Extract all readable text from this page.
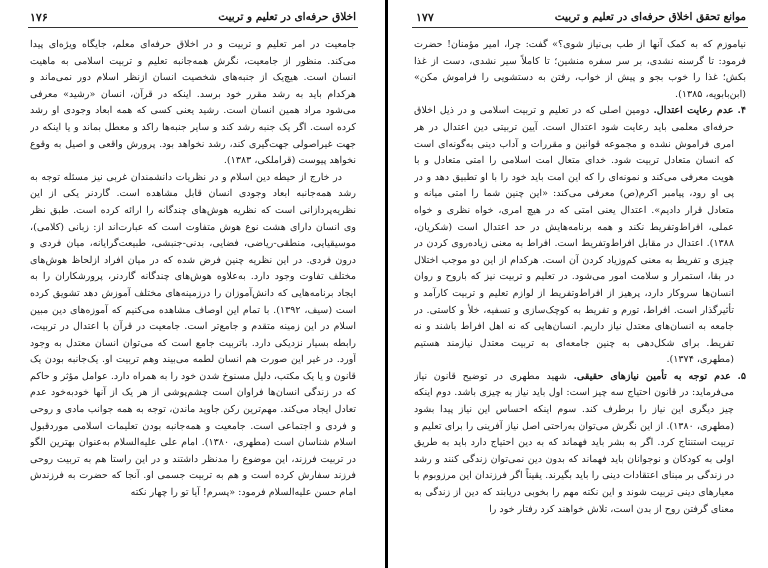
۱۷۶	اخلاق حرفه‌ای در تعلیم و تربیت

جامعیت در امر تعلیم و تربیت و در اخلاق حرفه‌ای معلم، جایگاه ویژه‌ای پیدا می‌کند. منظور از جامعیت، نگرش همه‌جانبه تعلیم و تربیت اسلامی به ماهیت انسان است. هیچ‌یک از جنبه‌های شخصیت انسان ازنظر اسلام دور نمی‌ماند و هرکدام باید به رشد مقرر خود برسد. اینکه در قرآن، انسان «رشید» معرفی می‌شود مراد همین انسان است. رشید یعنی کسی که همه ابعاد وجودی او رشد کرده است. اگر یک جنبه رشد کند و سایر جنبه‌ها راکد و معطل بماند و یا اینکه در جهت غیراصولی جهت‌گیری کند، رشد نخواهد بود. پرورش واقعی و اصیل به وقوع نخواهد پیوست (قراملکی، ۱۳۸۳).

در خارج از حیطه دین اسلام و در نظریات دانشمندان غربی نیز مسئله توجه به رشد همه‌جانبه ابعاد وجودی انسان قابل مشاهده است. گاردنر یکی از این نظریه‌پردازانی است که نظریه هوش‌های چندگانه را ارائه کرده است. طبق نظر وی انسان دارای هشت نوع هوش متفاوت است که عبارت‌اند از: زبانی (کلامی)، موسیقیایی، منطقی-ریاضی، فضایی، بدنی-جنبشی، طبیعت‌گرایانه، میان فردی و درون فردی. در این نظریه چنین فرض شده که در میان افراد ازلحاظ هوش‌های مختلف تفاوت وجود دارد. به‌علاوه هوش‌های چندگانه گاردنر، پرورشکاران را به ایجاد برنامه‌هایی که دانش‌آموزان را درزمینه‌های مختلف آموزش دهد تشویق کرده است (سیف، ۱۳۹۲). با تمام این اوصاف مشاهده می‌کنیم که آموزه‌های دین مبین اسلام در این زمینه متقدم و جامع‌تر است. جامعیت در قرآن با اعتدال در تربیت، رابطه بسیار نزدیکی دارد. باتربیت جامع است که می‌توان انسان معتدل به وجود آورد. در غیر این صورت هم انسان لطمه می‌بیند وهم تربیت او. یک‌جانبه بودن یک قانون و یا یک مکتب، دلیل مسنوخ شدن خود را به همراه دارد. عوامل مؤثر و حاکم که در زندگی انسان‌ها فراوان است چشم‌پوشی از هر یک از آنها خودبه‌خود عدم تعادل ایجاد می‌کند. مهم‌ترین رکن جاوید ماندن، توجه به همه جوانب مادی و روحی و فردی و اجتماعی است. جامعیت و همه‌جانبه بودن تعلیمات اسلامی موردقبول اسلام شناسان است (مطهری، ۱۳۸۰). امام علی علیه‌السلام به‌عنوان بهترین الگو در تربیت فرزند، این موضوع را مدنظر داشتند و در این راستا هم به تربیت روحی فرزند سفارش کرده است و هم به تربیت جسمی او. آنجا که حضرت به فرزندش امام حسن علیه‌السلام فرمود: «پسرم! آیا تو را چهار نکته

موانع تحقق اخلاق حرفه‌ای در تعلیم و تربیت
۱۷۷

نیاموزم که به کمک آنها از طب بی‌نیاز شوی؟» گفت: چرا، امیر مؤمنان! حضرت فرمود: تا گرسنه نشدی، بر سر سفره منشین؛ تا کاملاً سیر نشدی، دست از غذا بکش؛ غذا را خوب بجو و پیش از خواب، رفتن به دستشویی را فراموش مکن» (ابن‌بابویه، ۱۳۸۵).

۴. عدم رعایت اعتدال. دومین اصلی که در تعلیم و تربیت اسلامی و در ذیل اخلاق حرفه‌ای معلمی باید رعایت شود اعتدال است. آیین تربیتی دین اعتدال در هر امری فراموش نشده و مجموعه قوانین و مقررات و آداب دینی به‌گونه‌ای است که انسان متعادل تربیت شود. خدای متعال امت اسلامی را امتی متعادل و با هویت معرفی می‌کند و نمونه‌ای را که این امت باید خود را با او تطبیق دهد و در پی او رود، پیامبر اکرم(ص) معرفی می‌کند: «این چنین شما را امتی میانه و متعادل قرار دادیم». اعتدال یعنی امتی که در هیچ امری، خواه نظری و خواه عملی، افراط‌وتفریط نکند و همه برنامه‌هایش در حد اعتدال است (شکریان، ۱۳۸۸). اعتدال در مقابل افراط‌وتفریط است. افراط به معنی زیاده‌روی کردن در چیزی و تفریط به معنی کم‌وزیاد کردن آن است. هرکدام از این دو موجب اختلال در بقا، استمرار و سلامت امور می‌شود. در تعلیم و تربیت نیز که باروح و روان انسان‌ها سروکار دارد، پرهیز از افراط‌وتفریط از لوازم تعلیم و تربیت کارآمد و تأثیرگذار است. افراط، تورم و تفریط به کوچک‌سازی و تسفیه، خلأ و کاستی. در جامعه به انسان‌های معتدل نیاز داریم. انسان‌هایی که نه اهل افراط باشند و نه تفریط. برای شکل‌دهی به چنین جامعه‌ای به تربیت معتدل نیازمند هستیم (مطهری، ۱۳۷۴).

۵. عدم توجه به تأمین نیازهای حقیقی. شهید مطهری در توضیح قانون نیاز می‌فرماید: در قانون احتیاج سه چیز است: اول باید نیاز به چیزی باشد. دوم اینکه چیز دیگری این نیاز را برطرف کند. سوم اینکه احساس این نیاز پیدا بشود (مطهری، ۱۳۸۰). از این نگرش می‌توان به‌راحتی اصل نیاز آفرینی را برای تعلیم و تربیت استنتاج کرد. اگر به بشر باید فهماند که به دین احتیاج دارد باید به طریق اولی به کودکان و نوجوانان باید فهماند که بدون دین نمی‌توان زندگی کنند و رشد در زندگی بر مبنای اعتقادات دینی را باید بگیرند. یقیناً اگر فرزندان این مرزوبوم با معیارهای دینی تربیت شوند و این نکته مهم را بخوبی دریابند که دین از زندگی به معنای گرفتن روح از بدن است، تلاش خواهند کرد رفتار خود را
